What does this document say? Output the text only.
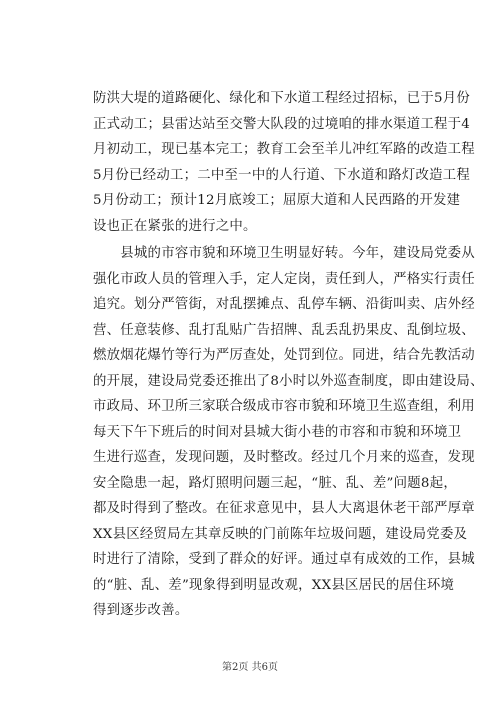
防洪大堤的道路硬化、绿化和下水道工程经过招标，已于5月份
正式动工；县雷达站至交警大队段的过境咱的排水渠道工程于4
月初动工，现已基本完工；教育工会至羊儿冲红军路的改造工程
5月份已经动工；二中至一中的人行道、下水道和路灯改造工程
5月份动工；预计12月底竣工；屈原大道和人民西路的开发建
设也正在紧张的进行之中。
　　县城的市容市貌和环境卫生明显好转。今年，建设局党委从
强化市政人员的管理入手，定人定岗，责任到人，严格实行责任
追究。划分严管街，对乱摆摊点、乱停车辆、沿街叫卖、店外经
营、任意装修、乱打乱贴广告招牌、乱丢乱扔果皮、乱倒垃圾、
燃放烟花爆竹等行为严厉查处，处罚到位。同进，结合先教活动
的开展，建设局党委还推出了8小时以外巡查制度，即由建设局、
市政局、环卫所三家联合级成市容市貌和环境卫生巡查组，利用
每天下午下班后的时间对县城大街小巷的市容和市貌和环境卫
生进行巡查，发现问题，及时整改。经过几个月来的巡查，发现
安全隐患一起，路灯照明问题三起，“脏、乱、差”问题8起，
都及时得到了整改。在征求意见中，县人大离退休老干部严厚章
XX县区经贸局左其章反映的门前陈年垃圾问题，建设局党委及
时进行了清除，受到了群众的好评。通过卓有成效的工作，县城
的“脏、乱、差”现象得到明显改观，XX县区居民的居住环境
得到逐步改善。
第2页 共6页
